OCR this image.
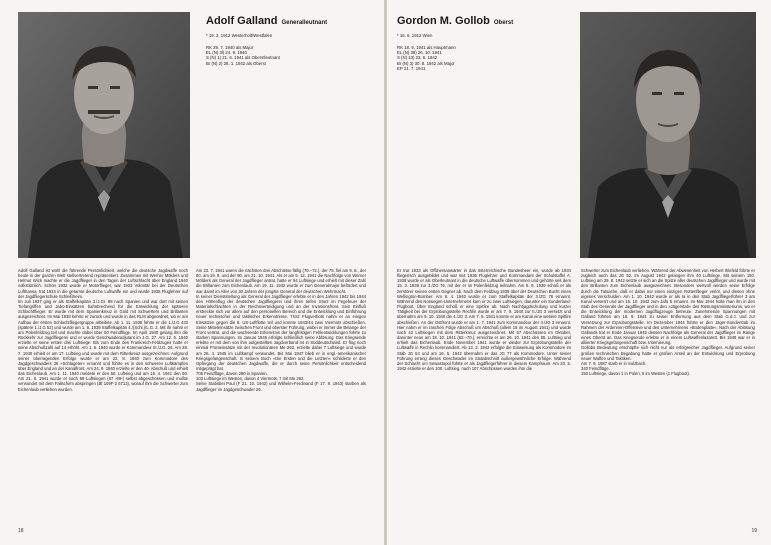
Adolf Galland Generalleutnant
* 19. 3. 1912 Westerholt/Westfalen
RK 29. 7. 1940 als Major
EL (N) 3l) 24. 9. 1940
S (N) 1) 21. 6. 1941 als Oberstleutnant
Br (N) 2) 28. 1. 1942 als Oberst

Adolf Galland ist wohl die führende Persönlichkeit, welche die deutsche Jagdwaffe noch heute in der ganzen Welt stellvertretend repräsentiert. Zusammen mit Werner Mölders und Helmut Wick machte er die Jagdflieger in den Tagen der Luftschlacht über England 1940 volkstümlich. Schon 1932 wurde er Motorflieger, war 1933 Volontär bei der Deutschen Lufthansa, trat 1934 in die getarnte deutsche Luftwaffe ein und wurde 1935 Fluglehrer auf der Jagdfliegerschule Schleißheim.
Im Juli 1937 ging er als Staffelkapitän 3./J.Gr. 88 nach Spanien und war dort mit seinen Tiefangriffen und Jabo-Einsätzen bahnbrechend für die Entwicklung der späteren Schlachtflieger. Er wurde mit dem Spanienkreuz in Gold mit Schwertern und Brillanten ausgezeichnet. Im Mai 1938 kehrte er zurück und wurde in das RLM abgeordnet, wo er am Aufbau der ersten Schlachtfliegergruppe arbeitete. Ab 1. 11. 1938 führte er die 1./J.G 433 (spätere 1./J.G 52) und wurde am 1. 8. 1939 Staffelkapitän 4./(Schl.)/L.G. 2. Mit ihr nahm er am Polenfeldzug teil und machte dabei über 50 Feindflüge. Im April 1940 gelang ihm die Rückkehr zur Jagdfliegerei und er wurde Geschwaderadjutant im J.G. 27. Am 12. 5. 1940 erzielte er seine ersten drei Luftsiege. Bis zum Ende des Frankreich-Feldzuges hatte er seine Abschußzahl auf 14 erhöht. Am 1. 6. 1940 wurde er Kommandeur III./J.G. 26. Am 28. 7. 1940 erhielt er am 17. Luftsieg und wurde mit dem Ritterkreuz ausgezeichnet. Aufgrund seiner überragenden Erfolge wurde er am 22. 8. 1940 zum Kommodore des Jagdgeschwaders 26 »Schlageter« ernannt und führte es in den schweren Luftkämpfen über England und an der Kanalfront. Am 24. 9. 1940 erzielte er den 40. Abschuß und erhielt das Eichenlaub. Am 1. 11. 1940 meldete er den 50. Luftsieg und am 15. 4. 1941 den 60. Am 21. 6. 1941 wurde er nach 69 Luftsiegen (67 ›69‹) selbst abgeschossen und mußte verwundet mit dem Fallschirm abspringen (Bf 109F-2 6713), worauf ihm die Schwerter zum Eichenlaub verliehen wurden.

Am 23. 7. 1941 waren die nächsten drei Abschüsse fällig (70.–72.), der 75. fiel am 9. 8., der 80. am 19. 8. und der 90. am 21. 10. 1941. Als er am 5. 12. 1941 die Nachfolge von Werner Mölders als General der Jagdflieger antrat, hatte er 94 Luftsiege und erhielt mit dieser Zahl die Brillanten zum Eichenlaub. Am 19. 11. 1942 wurde er zum Generalmajor befördert und war damit im Alter von 30 Jahren der jüngste General der deutschen Wehrmacht.
In seiner Dienststellung als General der Jagdflieger erlebte er in den Jahren 1942 bis 1944 den Höhenflug der deutschen Jagdfliegerei und ihren tiefen Sturz im Fegefeuer der Materialschlachten in der Reichsverteidigung und an der Invasionsfront. Sein Einfluß erstreckte sich vor allem auf den personellen Bereich und die Entwicklung und Einführung neuer technischer und taktischer Erkenntnisse. Trotz Flugverbots nahm er an einigen Einsätzen gegen die 8. US-Luftflotte teil und konnte 1943/44 zwei Viermots abschießen. Seine Mitteleinsätze zwischen Front und oberster Führung, wobei er immer die Belange der Front vertrat, und die wachsende Erkenntnis der langfristigen Fehlentwicklungen führte zu starken Spannungen. Im Januar 1945 erfolgte schließlich seine Ablösung. Das Kriegsende erlebte er mit dem von ihm aufgestellten Jagdverband 44 in Süddeutschland. Er flog noch einmal Fronteinsätze mit der revolutionären Me 262, erzielte dabei 7 Luftsiege und wurde am 26. 4. 1945 im Luftkampf verwundet. Bis Mai 1947 blieb er in engl.-amerikanischer Kriegsgefangenschaft. In seinem Buch »Die Ersten und die Letzten« schilderte er den Opfergang der deutschen Jagdwaffe, die er durch seine Persönlichkeit entscheidend mitgeprägt hat.
705 Feindflüge, davon 280 in Spanien.
103 Luftsiege im Westen, davon 4 Viermots, 7 mit Me 262.
Seine Stabsbei Paul (F 21. 10. 1942) und Wilhelm-Ferdinand (F 17. 8. 1943) starben als Jagdflieger im Jagdgeschwader 26.

18
Gordon M. Gollob Oberst
* 16. 6. 1912 Wien
RK 18. 9. 1941 als Hauptmann
EL (N) 38) 26. 10. 1941
S (N) 13) 23. 6. 1942
Br (N) 3) 30. 8. 1942 als Major
EP 21. 7. 1941

Er trat 1933 als Offiziersanwärter in das österreichische Bundesheer ein, wurde ab 1934 fliegerisch ausgebildet und war seit 1936 Fluglehrer und Kommandant der Schulstaffel A. 1938 wurde er als Oberleutnant in die deutsche Luftwaffe übernommen und gehörte seit dem 15. 3. 1939 zur 3./ZG 76, mit der er im Polenfeldzug teilnahm. Am 5. 9. 1939 schoß er als zerstörer seinen ersten Gegner ab. Nach dem Feldzug 1939 über der Deutschen Bucht einen Wellington-Bomber. Am 8. 4. 1940 wurde er zum Staffelkapitän der 3./ZG 76 ernannt. Während des Norwegen-Unternehmens kam er zu zwei Luftsiegen, darunter ein Sunderland-Flugboot. Über England schoß er eine Spitfire ab. Nach Nachtjagdschulung und kurzer Tätigkeit bei der Erprobungsstelle Rechlin wurde er am 7. 9. 1940 zur II./JG 3 versetzt und übernahm am 9. 10. 1940 die 4./JG 3. Am 7. 5. 1941 konnte er am Kanal eine weitere Spitfire abschießen. An der Ostfront wurde er am 1. 7. 1941 zum Kommandeur der II./JG 3 ernannt. Hier nahm er im raschen Folge Abschuß um Abschuß (allein 18 im August 1941) und wurde nach 42 Luftsiegen mit dem Ritterkreuz ausgezeichnet. Mit 57 Abschüssen im Oktober, darunter neun am 18. 10. 1941 (62.–70.), erreichte er am 26. 10. 1941 den 85. Luftsieg und erhielt das Eichenlaub. Ende November 1941 wurde er wieder zur Erprobungsstelle der Luftwaffe in Rechlin kommandiert. Ab 13. 3. 1942 erfolgte die Einweisung als Kommodore im Stab JG 54 und am 16. 5. 1942 übernahm er das JG 77 als Kommodore. Unter seiner Führung errang dieses Geschwader im Südabschnitt außergewöhnliche Erfolge. Während der Schlacht um Sewastopol führte er als Jagdfliegerführer in diesem Kampfraum. Am 20. 5. 1942 erzielte er den 100. Luftsieg, nach 107 Abschüssen wurden ihm die

Schwerter zum Eichenlaub verliehen. Während der Abwesenheit von Herbert Ihlefeld führte er zugleich auch das JG 52. Im August 1942 gelangen ihm 40 Luftsiege. Mit seinem 150. Luftsieg am 29. 8. 1942 setzte er sich an die Spitze aller deutschen Jagdflieger und wurde mit den Brillanten zum Eichenlaub ausgezeichnet. Besonders wertvoll werden seine Erfolge durch die Tatsache, daß er dabei nur einen einzigen Rottenflieger verlor, und diesen ohne eigenes Verschulden. Am 1. 10. 1942 wurde er als Ia in den Stab Jagdfliegerführer 3 am Kanal versetzt und am 15. 10. 1942 zum Jafü 5 ernannt. Im Mai 1944 holte man ihn in den Stab des Generals der Jagdflieger und in den »Jägerstab« des Rüstungsministeriums, wo er die Entwicklung der modernen Jagdflugzeuge betreute. Zunehmende Spannungen mit Galland führten am 18. 9. 1944 zu seiner Entfernung aus dem Stab G.d.J. und zur Versetzung zur Erprobungsstelle. Im Dezember 1944 führte er den Jäger-Sonderstab im Rahmen der Ardennen-Offensive und des Unternehmens »Bodenplatte«. Nach der Ablösung Gallands trat er Ende Januar 1945 dessen Nachfolge als General der Jagdflieger im Range eines Oberst an. Das Kriegsende erlebte er in einem Luftwaffenlazarett. Bis 1948 war er in alliierter Kriegsgefangenschaft bzw. Internierung.
Gollobs Bedeutung erschöpfte sich nicht nur als erfolgreicher Jagdflieger. Aufgrund seiner großen technischen Begabung hatte er großen Anteil an der Entwicklung und Erprobung neuer Waffen und Taktiken.
Am 7. 9. 1987 starb er in Sulzbach.
340 Feindflüge.
150 Luftsiege, davon 1 in Polen, 5 im Westen (1 Flugboot).

19
